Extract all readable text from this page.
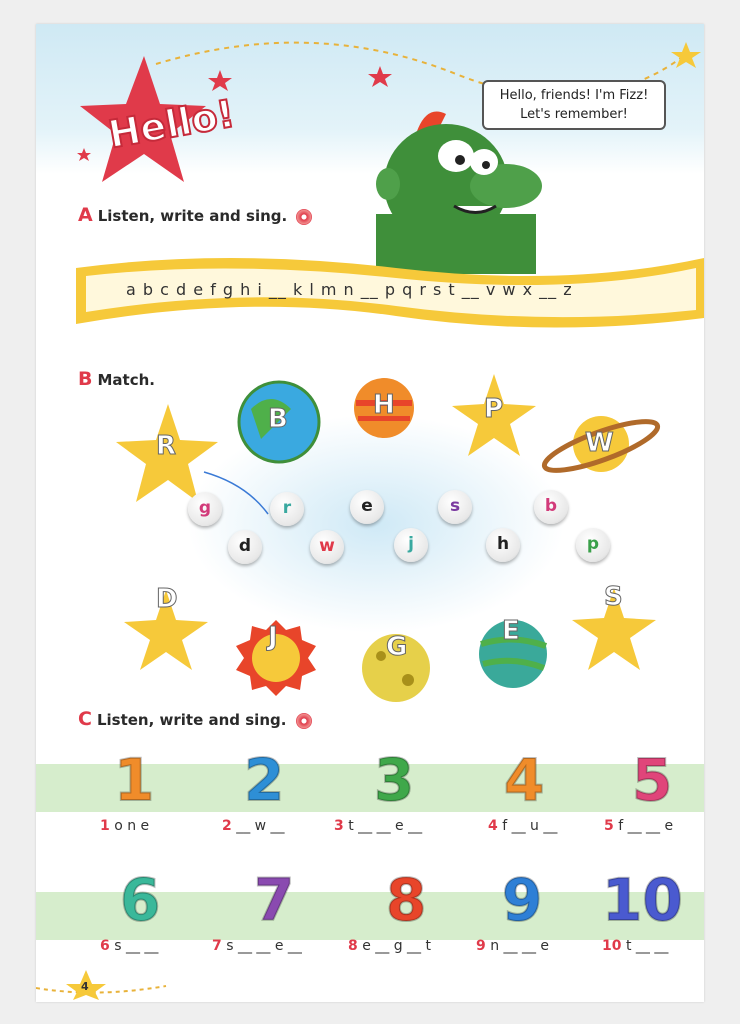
Hello!	Hello, friends! I'm Fizz!
Let's remember!
A Listen, write and sing.
a b c d e f g h i __ k l m n __ p q r s t __ v w x __ z
B Match.
R
B	H	P
W
D
J	G
E
S
g	r	e	s	b
d	w	j	h	p
C Listen, write and sing.
1 2 3 4 5
1 o n e	2 __ w __	3 t __ __ e __	4 f __ u __	5 f __ __ e
6 7 8 9 10
6 s __ __	7 s __ __ e __	8 e __ g __ t	9 n __ __ e	10 t __ __
4
